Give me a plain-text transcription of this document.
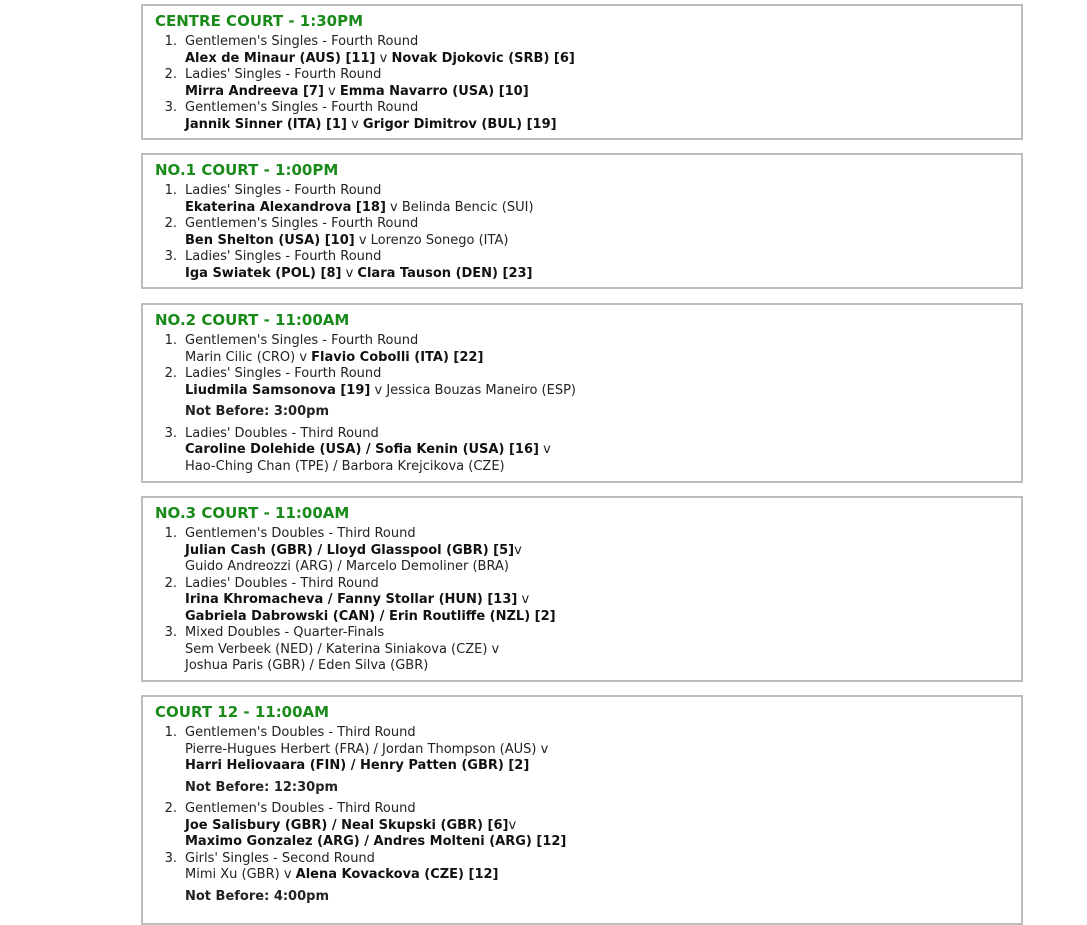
CENTRE COURT - 1:30PM
1. Gentlemen's Singles - Fourth Round
Alex de Minaur (AUS) [11] v Novak Djokovic (SRB) [6]
2. Ladies' Singles - Fourth Round
Mirra Andreeva [7] v Emma Navarro (USA) [10]
3. Gentlemen's Singles - Fourth Round
Jannik Sinner (ITA) [1] v Grigor Dimitrov (BUL) [19]
NO.1 COURT - 1:00PM
1. Ladies' Singles - Fourth Round
Ekaterina Alexandrova [18] v Belinda Bencic (SUI)
2. Gentlemen's Singles - Fourth Round
Ben Shelton (USA) [10] v Lorenzo Sonego (ITA)
3. Ladies' Singles - Fourth Round
Iga Swiatek (POL) [8] v Clara Tauson (DEN) [23]
NO.2 COURT - 11:00AM
1. Gentlemen's Singles - Fourth Round
Marin Cilic (CRO) v Flavio Cobolli (ITA) [22]
2. Ladies' Singles - Fourth Round
Liudmila Samsonova [19] v Jessica Bouzas Maneiro (ESP)
Not Before: 3:00pm
3. Ladies' Doubles - Third Round
Caroline Dolehide (USA) / Sofia Kenin (USA) [16] v
Hao-Ching Chan (TPE) / Barbora Krejcikova (CZE)
NO.3 COURT - 11:00AM
1. Gentlemen's Doubles - Third Round
Julian Cash (GBR) / Lloyd Glasspool (GBR) [5]v
Guido Andreozzi (ARG) / Marcelo Demoliner (BRA)
2. Ladies' Doubles - Third Round
Irina Khromacheva / Fanny Stollar (HUN) [13] v
Gabriela Dabrowski (CAN) / Erin Routliffe (NZL) [2]
3. Mixed Doubles - Quarter-Finals
Sem Verbeek (NED) / Katerina Siniakova (CZE) v
Joshua Paris (GBR) / Eden Silva (GBR)
COURT 12 - 11:00AM
1. Gentlemen's Doubles - Third Round
Pierre-Hugues Herbert (FRA) / Jordan Thompson (AUS) v
Harri Heliovaara (FIN) / Henry Patten (GBR) [2]
Not Before: 12:30pm
2. Gentlemen's Doubles - Third Round
Joe Salisbury (GBR) / Neal Skupski (GBR) [6]v
Maximo Gonzalez (ARG) / Andres Molteni (ARG) [12]
3. Girls' Singles - Second Round
Mimi Xu (GBR) v Alena Kovackova (CZE) [12]
Not Before: 4:00pm
